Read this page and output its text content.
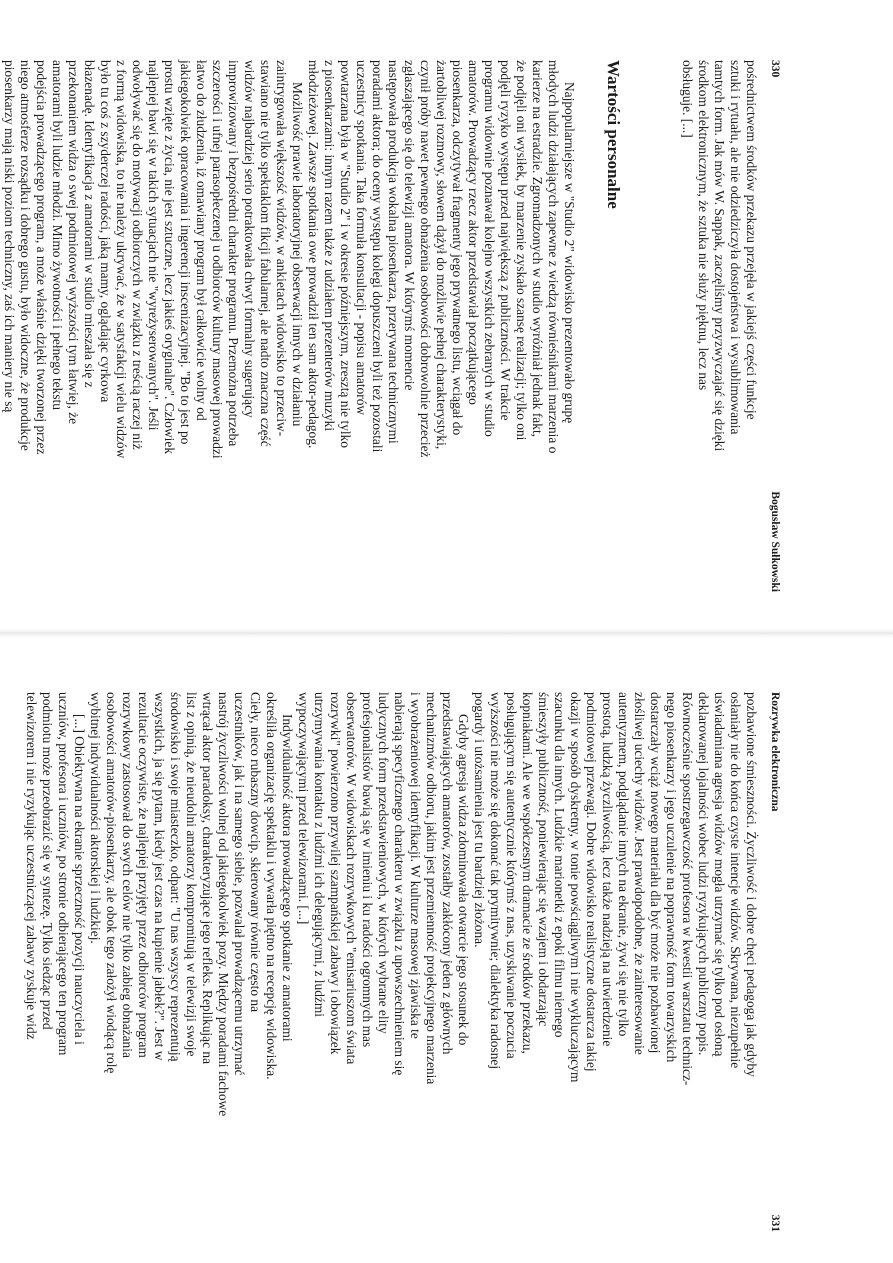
330
Bogusław Sułkowski

pośrednictwem środków przekazu przejęła w jakiejś części funkcje

sztuki i rytuału, ale nie odziedziczyła dostojeństwa i wysublimowania

tamtych form. Jak mów W. Sappak, zaczęliśmy przyzwyczajać się dzięki

środkom elektronicznym, że sztuka nie służy pięknu, lecz nas

obsługuje. [...]

Wartości personalne

Najpopularniejsze w "Studio 2" widowisko prezentowało grupę

młodych ludzi działających zapewne z wiedzą równieśnikami marzenia o

karierze na estradzie. Zgromadzonych w studio wyróżniał jednak fakt,

że podjęli oni wysiłek, by marzenie zyskało szansę realizacji; tylko oni

podjęli ryzyko występu przed największą z publiczności. W trakcie

programu widownie poznawał kolejno wszystkich zebranych w studio

amatorów. Prowadzący rzecz aktor przedstawiał początkującego

piosenkarza, odczytywał fragmenty jego prywatnego listu, wciągał do

żartobliwej rozmowy, słowem dążył do możliwie pełnej charakterystyki,

czynił próby nawet pewnego obnażenia osobowości dobrowolnie przecież

zgłaszającego się do telewizji amatora. W którymś momencie

następowała produkcja wokalna piosenkarza, przerywana technicznymi

poradami aktora; do oceny występu kolegi dopuszczeni byli też pozostali

uczestnicy spotkania. Taka formuła konsultacji - popisu amatorów

powtarzana była w "Studio 2" i w okresie późniejszym, zresztą nie tylko

z piosenkarzami: innym razem także z udziałem prezenterów muzyki

młodzieżowej. Zawsze spotkania owe prowadził ten sam aktor-pedagog.

Możliwość prawie laboratoryjnej obserwacji innych w działaniu

zaintrygowała większość widzów, w ankietach widowisko to przeciw-

stawiano nie tylko spektaklom fikcji fabularnej, ale nadto znaczna część

widzów najbardziej serio potraktowała chwyt formalny sugerujący

improwizowany i bezpośredni charakter programu. Przemożna potrzeba

szczerości i ufnej parasopłeczenej u odbiorców kultury masowej prowadzi

łatwo do złudzenia, iż omawiany program był całkowicie wolny od

jakiegokolwiek opracowania i ingerencji inscenizacyjnej. "Bo to jest po

prostu wzięte z życia, nie jest sztuczne, lecz jakieś oryginalne". Człowiek

najlepiej bawi się w takich sytuacjach nie "wyreżyserowanych". Jeśli

odwoływać się do motywacji odbiorczych w związku z treścią raczej niż

z formą widowiska, to nie należy ukrywać, że w satysfakcji wielu widzów

było tu coś z szyderczej radości, jaką mamy, oglądając cyrkowa

błazenadę. Identyfikacja z amatorami w studio mieszała się z

przekonaniem widza o swej podmiotowej wyższości tym łatwiej, że

amatorami byli ludzie młodzi. Mimo żywotności i pełnego tekstu

podejścia prowadzącego program, a może właśnie dzięki tworzonej przez

niego atmosferze rozsądku i dobrego gustu, było widoczne, że produkcje

piosenkarzy mają niski poziom techniczny, zaś ich maniery nie są

Rozrywka elektroniczna
331

pozbawione śmieszności. Życzliwość i dobre chęci pedagoga jak gdyby

osłaniały nie do końca czyste intencje widzów. Skrywana, niezupełnie

uświadamiana agresja widzów mogła utrzymać się tylko pod osłoną

deklarowanej lojalności wobec ludzi ryzykujących publiczny popis.

Równocześnie spostrzegawczość profesora w kwestii warsztatu technicz-

nego piosenkarzy i jego uczulenie na poprawność form towarzyskich

dostarczały wciąż nowego materiału dla być może nie pozbawionej

złośliwej uciechy widzów. Jest prawdopodobne, że zainteresowanie

autentyzmem, podglądanie innych na ekranie, żywi się nie tylko

prostotą, ludzką życzliwością, lecz także nadzieją na utwierdzenie

podmiotowej przewagi. Dobre widowisko realistyczne dostarcza takiej

okazji w sposób dyskretny, w tonie powściągliwym i nie wykluczającym

szacunku dla innych. Ludzkie marionetki z epoki filmu niemego

śmieszyły publiczność, poniewierając się wzajem i obdarzając

kopniakami. Ale we współczesnym dramacie ze środków przekazu,

posługującym się autentycznie którymś z nas, uzyskiwanie poczucia

wyższości nie może się dokonać tak prymitywnie; dialektyka radosnej

pogardy i utożsamienia jest tu bardziej złożona.

Gdyby agresja widza zdominowała otwarcie jego stosunek do

przedstawiających amatorów, zostałby zakłócony jeden z głównych

mechanizmów odbioru, jakim jest przemienność projekcyjnego marzenia

i wyobrażeniowej identyfikacji. W kulturze masowej zjawiska te

nabierają specyficznego charakteru w związku z upowszechnieniem się

ludycznych form przedstawieniowych, w których wybrane elity

profesjonalistów bawią się w imieniu i ku radości ogromnych mas

obserwatorów. W widowiskach rozrywkowych "emisariuszom świata

rozrywki" powierzono przywilej szampańskiej zabawy i obowiązek

utrzymywania kontaktu z ludźmi ich delegującymi, z ludźmi

wypoczywającymi przed telewizorami. [...]

Indywidualność aktora prowadzącego spotkanie z amatorami

określiła organizację spektaklu i wywarła piętno na recepcję widowiska.

Cieły, nieco rubaszny dowcip, skierowany równie często na

uczestników, jak i na samego siebie, pozwalał prowadzącemu utrzymać

nastrój życzliwości wolnej od jakiegokolwiek pozy. Między poradami fachowe

wtrącał aktor paradoksy, charakteryzujące jego refleks. Replikując na

list z opinią, że nieudolni amatorzy kompromitują w telewizji swoje

środowisko i swoje miasteczko, odpart: "U nas wszyscy reprezentują

wszystkich, ja się pytam, kiedy jest czas na kupienie jabłek?". Jest w

rezultacie oczywiste, że najlepiej przyjęty przez odbiorców program

rozrywkowy zastosował do swych celów nie tylko zabieg obnażania

osobowości amatorów-piosenkarzy, ale obok tego założył wiodącą rolę

wybitnej indywidualności aktorskiej i ludzkiej.

[...] Obiektywna na ekranie sprzeczność pozycji nauczyciela i

uczniów, profesora i uczniów, po stronie odbierającego ten program

podmiotu może przeobrazić się w syntezę. Tylko siedząc przed

telewizorem i nie ryzykując uczestniczącej zabawy zyskuje widz
